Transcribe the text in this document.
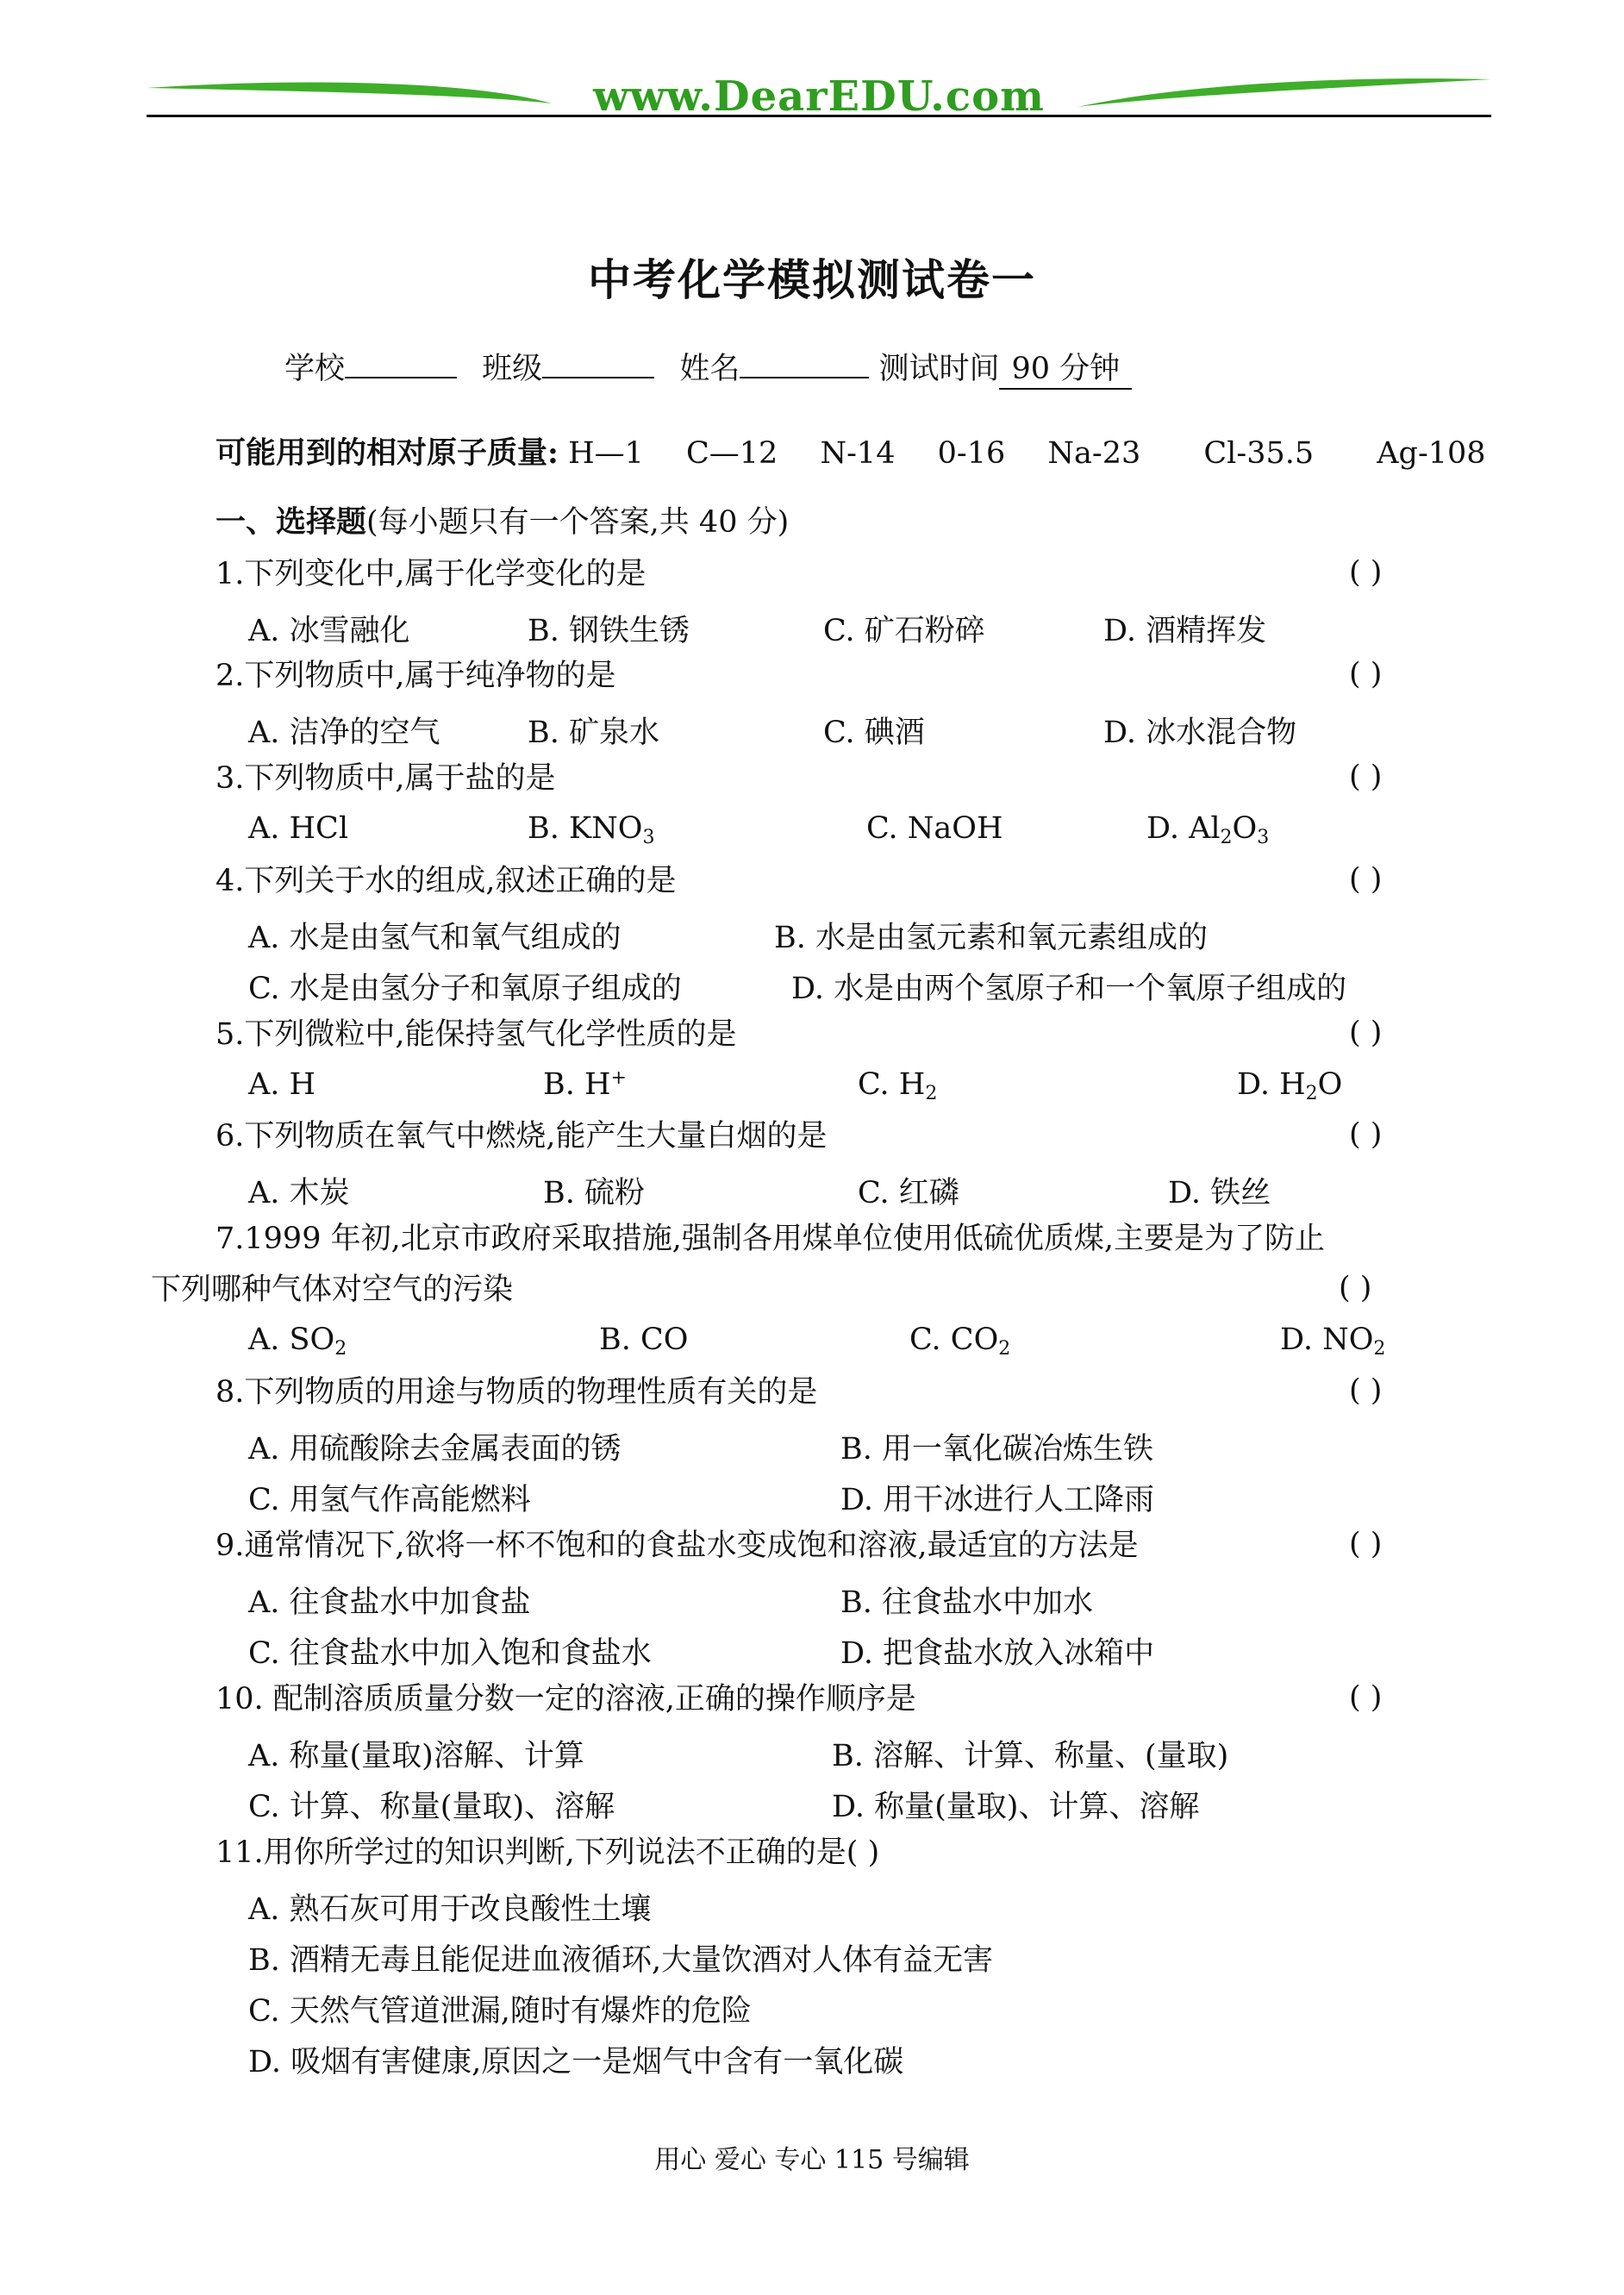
www.DearEDU.com
中考化学模拟测试卷一
学校	班级	姓名	测试时间 90 分钟
可能用到的相对原子质量: H—1 C—12 N-14 0-16 Na-23 Cl-35.5 Ag-108
一、选择题(每小题只有一个答案,共 40 分)
1.下列变化中,属于化学变化的是	( )
A. 冰雪融化	B. 钢铁生锈	C. 矿石粉碎	D. 酒精挥发
2.下列物质中,属于纯净物的是	( )
A. 洁净的空气	B. 矿泉水	C. 碘酒	D. 冰水混合物
3.下列物质中,属于盐的是	( )
A. HCl	B. $KNO_3$	C. NaOH	D. $Al_2O_3$
4.下列关于水的组成,叙述正确的是	( )
A. 水是由氢气和氧气组成的	B. 水是由氢元素和氧元素组成的
C. 水是由氢分子和氧原子组成的	D. 水是由两个氢原子和一个氧原子组成的
5.下列微粒中,能保持氢气化学性质的是	( )
A. H	B. H+	C. $H_2$	D. $H_2O$
6.下列物质在氧气中燃烧,能产生大量白烟的是	( )
A. 木炭	B. 硫粉	C. 红磷	D. 铁丝
7.1999 年初,北京市政府采取措施,强制各用煤单位使用低硫优质煤,主要是为了防止
下列哪种气体对空气的污染	( )
A. $SO_2$	B. CO	C. $CO_2$	D. $NO_2$
8.下列物质的用途与物质的物理性质有关的是	( )
A. 用硫酸除去金属表面的锈	B. 用一氧化碳冶炼生铁
C. 用氢气作高能燃料	D. 用干冰进行人工降雨
9.通常情况下,欲将一杯不饱和的食盐水变成饱和溶液,最适宜的方法是	( )
A. 往食盐水中加食盐	B. 往食盐水中加水
C. 往食盐水中加入饱和食盐水	D. 把食盐水放入冰箱中
10. 配制溶质质量分数一定的溶液,正确的操作顺序是	( )
A. 称量(量取)溶解、计算	B. 溶解、计算、称量、(量取)
C. 计算、称量(量取)、溶解	D. 称量(量取)、计算、溶解
11.用你所学过的知识判断,下列说法不正确的是( )
A. 熟石灰可用于改良酸性土壤
B. 酒精无毒且能促进血液循环,大量饮酒对人体有益无害
C. 天然气管道泄漏,随时有爆炸的危险
D. 吸烟有害健康,原因之一是烟气中含有一氧化碳
用心 爱心 专心 115 号编辑
